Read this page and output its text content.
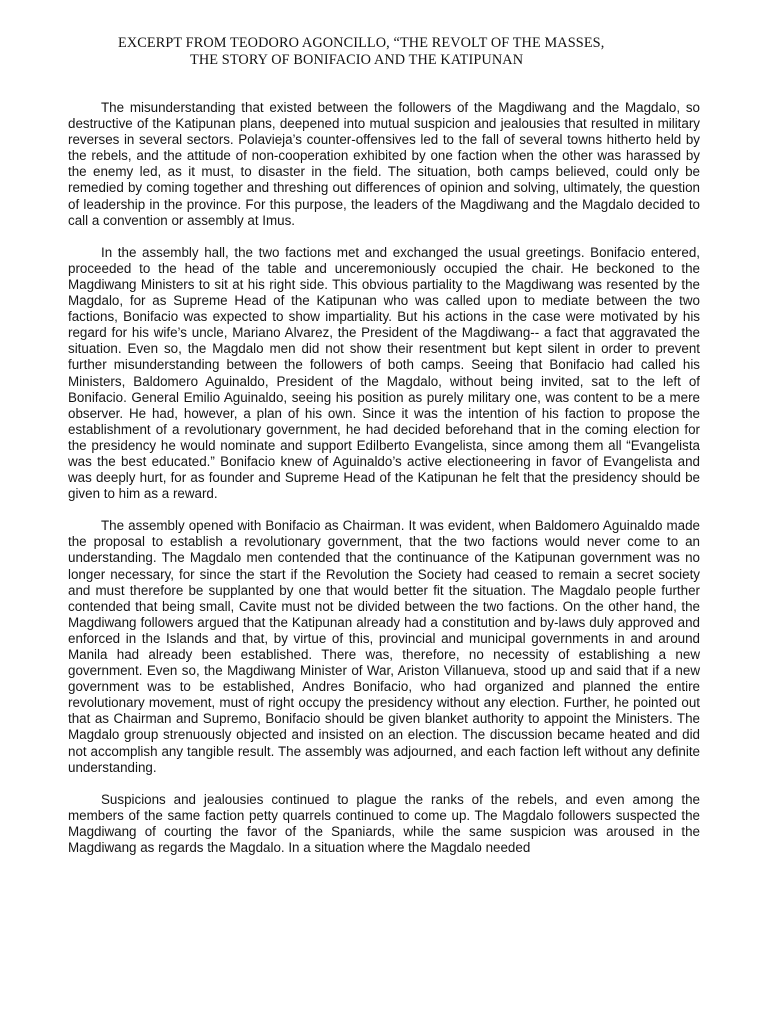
EXCERPT FROM TEODORO AGONCILLO, “THE REVOLT OF THE MASSES,
THE STORY OF BONIFACIO AND THE KATIPUNAN

The misunderstanding that existed between the followers of the Magdiwang and the Magdalo, so destructive of the Katipunan plans, deepened into mutual suspicion and jealousies that resulted in military reverses in several sectors. Polavieja’s counter-offensives led to the fall of several towns hitherto held by the rebels, and the attitude of non-cooperation exhibited by one faction when the other was harassed by the enemy led, as it must, to disaster in the field. The situation, both camps believed, could only be remedied by coming together and threshing out differences of opinion and solving, ultimately, the question of leadership in the province. For this purpose, the leaders of the Magdiwang and the Magdalo decided to call a convention or assembly at Imus.

In the assembly hall, the two factions met and exchanged the usual greetings. Bonifacio entered, proceeded to the head of the table and unceremoniously occupied the chair. He beckoned to the Magdiwang Ministers to sit at his right side. This obvious partiality to the Magdiwang was resented by the Magdalo, for as Supreme Head of the Katipunan who was called upon to mediate between the two factions, Bonifacio was expected to show impartiality. But his actions in the case were motivated by his regard for his wife’s uncle, Mariano Alvarez, the President of the Magdiwang-- a fact that aggravated the situation. Even so, the Magdalo men did not show their resentment but kept silent in order to prevent further misunderstanding between the followers of both camps. Seeing that Bonifacio had called his Ministers, Baldomero Aguinaldo, President of the Magdalo, without being invited, sat to the left of Bonifacio. General Emilio Aguinaldo, seeing his position as purely military one, was content to be a mere observer. He had, however, a plan of his own. Since it was the intention of his faction to propose the establishment of a revolutionary government, he had decided beforehand that in the coming election for the presidency he would nominate and support Edilberto Evangelista, since among them all “Evangelista was the best educated.” Bonifacio knew of Aguinaldo’s active electioneering in favor of Evangelista and was deeply hurt, for as founder and Supreme Head of the Katipunan he felt that the presidency should be given to him as a reward.

The assembly opened with Bonifacio as Chairman. It was evident, when Baldomero Aguinaldo made the proposal to establish a revolutionary government, that the two factions would never come to an understanding. The Magdalo men contended that the continuance of the Katipunan government was no longer necessary, for since the start if the Revolution the Society had ceased to remain a secret society and must therefore be supplanted by one that would better fit the situation. The Magdalo people further contended that being small, Cavite must not be divided between the two factions. On the other hand, the Magdiwang followers argued that the Katipunan already had a constitution and by-laws duly approved and enforced in the Islands and that, by virtue of this, provincial and municipal governments in and around Manila had already been established. There was, therefore, no necessity of establishing a new government. Even so, the Magdiwang Minister of War, Ariston Villanueva, stood up and said that if a new government was to be established, Andres Bonifacio, who had organized and planned the entire revolutionary movement, must of right occupy the presidency without any election. Further, he pointed out that as Chairman and Supremo, Bonifacio should be given blanket authority to appoint the Ministers. The Magdalo group strenuously objected and insisted on an election. The discussion became heated and did not accomplish any tangible result. The assembly was adjourned, and each faction left without any definite understanding.

Suspicions and jealousies continued to plague the ranks of the rebels, and even among the members of the same faction petty quarrels continued to come up. The Magdalo followers suspected the Magdiwang of courting the favor of the Spaniards, while the same suspicion was aroused in the Magdiwang as regards the Magdalo. In a situation where the Magdalo needed
